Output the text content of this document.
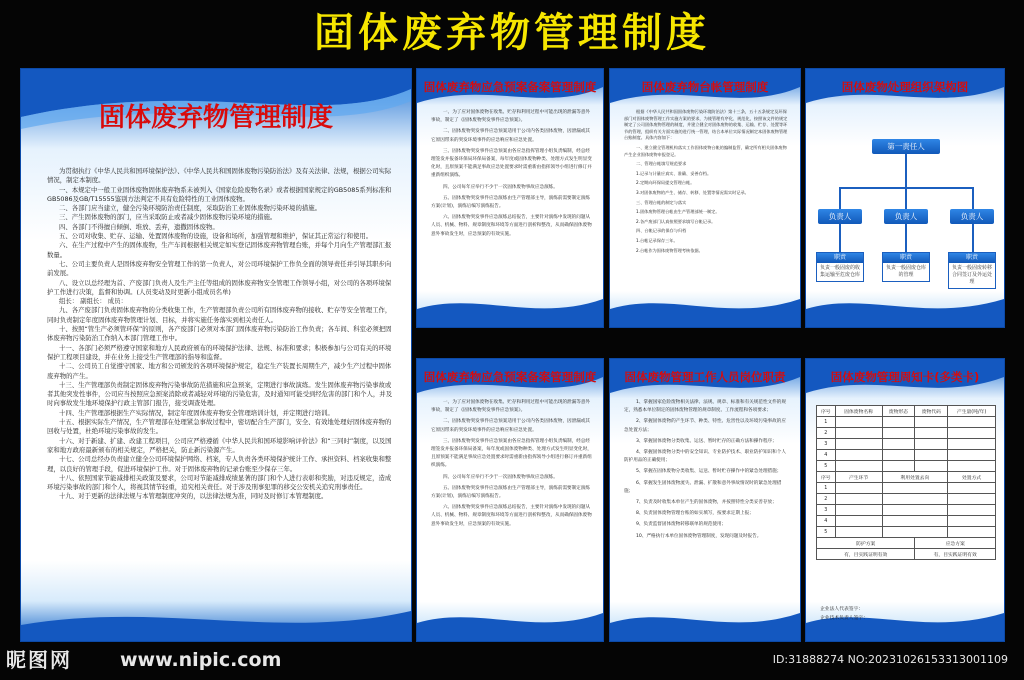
固体废弃物管理制度
固体废弃物管理制度

为贯彻执行《中华人民共和国环境保护法》、《中华人民共和国固体废物污染防治法》及有关法律、法规，根据公司实际情况，制定本制度。

一、本规定中一般工业固体废物固体废弃物系未被列入《国家危险废物名录》或者根据国家规定的GB5085系列标准和GB5086及GB/T15555鉴别方法判定不具有危险特性的工业固体废物。

二、各部门应当建立，健全污染环境防治责任制度，采取防治工业固体废物污染环境的措施。

三、产生固体废物的部门，应当采取防止或者减少固体废物污染环境的措施。

四、各部门不得擅自倾倒、堆放、丢弃，遗撒固体废物。

五、公司对收集、贮存、运输、处置固体废物的设施，设备和场所，加强管理和维护，保证其正常运行和使用。

六、在生产过程中产生的固体废物，生产车间根据相关规定如实登记固体废弃物管理台账，并每个月向生产管理部汇报数量。

七、公司主要负责人是固体废弃物安全管理工作的第一负责人，对公司环境保护工作负全面的领导责任并引导其职步向前发展。

八、设立以总经理为首、产废部门负责人及生产主任等组成的固体废弃物安全管理工作领导小组，对公司的各项环境保护工作进行决策，监督和协调。(人员变动及时更新小组成员名单)

组长： 副组长： 成员：

九、各产废部门负责固体废弃物的分类收集工作，生产管理部负责公司所有固体废弃物的接收、贮存等安全管理工作，同时负责制定年度固体废弃物管理计划、目标，并将实施任务落实到相关责任人。

十、按照“管生产必须管环保”的原则，各产废部门必须对本部门固体废弃物污染防治工作负责；各车间、科室必须把固体废弃物污染防治工作纳入本部门管理工作中。

十一、各部门必须严格遵守国家和地方人民政府颁布的环境保护法律、法规、标准和要求；积极参加与公司有关的环境保护工程项目建设，并在业务上接受生产管理部的指导和监督。

十二、公司员工自觉遵守国家、地方和公司颁发的各项环境保护规定，稳定生产装置长周期生产，减少生产过程中固体废弃物的产生。

十三、生产管理部负责制定固体废弃物污染事故防范措施和应急预案，定期进行事故演练。发生固体废弃物污染事故或者其他突发性事件，公司应当按照应急预案消除或者减轻对环境的污染危害，及时通知可能受到经危害的部门和个人，并及时向事故发生地环境保护行政主管部门报告，接受调查处理。

十四、生产管理部根据生产实际情况，制定年度固体废弃物安全管理培训计划，并定期进行培训。

十五、根据实际生产情况，生产管理部在处理紧急事故过程中，密切配合生产部门，安全、有效地处理好固体废弃物的回收与处置，杜绝环境污染事故的发生。

十六、对于新建、扩建、改建工程项目，公司应严格遵循《中华人民共和国环境影响评价法》和“三同时”制度，以及国家和地方政府最新颁布的相关规定，严格把关，防止新污染源产生。

十七、公司总经办负责建立健全公司环境保护网络、档案，专人负责各类环境保护统计工作、承担资料、档案收集和整理，以良好的管理手段，促进环境保护工作。对于固体废弃物的记录台账至少保存三年。

十八、依照国家节能减排相关政策及要求，公司对节能减排成绩显著的部门和个人进行表彰和奖励，对违反规定，造成环境污染事故的部门和个人，将视其情节轻重，追究相关责任。对于涉及刑事犯罪的移交公安机关追究刑事责任。

十九、对于更新的法律法规与本管理制度冲突的，以法律法规为准，同时及时修订本管理制度。

固体废弃物应急预案备案管理制度

一、为了应对固体废物在收集、贮存和利用过程中可能出现的泄漏等意外事故，制定了《固体废物突发事件应急预案》。

二、固体废物突发事件应急预案适用于公司内各类固体废物，因泄漏或其它原因带来的突发环境事件的应急响应和应急处置。

三、固体废物突发事件应急预案由各应急指挥管理小组负责编制，经总经理签发并报备环保局环保局备案，每年度或固体废物种类、处理方式发生明显变化时，且原预案不能满足事故应急处置要求时需重新由指挥领导小组进行修订并重新组织演练。

四、公司每年应举行不少于一次固体废物事故应急演练。

五、固体废物突发事件应急演练由生产管理部主导，演练前需要制定演练方案(计划)，演练后编写演练报告。

六、固体废物突发事件应急演练总结报告，主要针对演练中发现的问题从人员、机械、物料、规章制度和环境等方面进行剖析和整改，从而确保固体废物意外事故发生时，应急预案的有效实施。

固体废弃物台帐管理制度

根据《中华人民共和国固体废物污染环境防治法》第十三条，五十五条规定及环保部门对固体废物管理工作实施方案的要求，为使管理有序化、规范化，按照该文件的规定制定了公司固体废物管理的制度，并建立健全对固体废物的收集、运输、贮存、处置等环节的管理，组织有关方面实施的进行统一管理，结合本单位实际情况制定本固体废物管理台账制度。具体内容如下：

一、建立健全管理机构落实工作固体废物台帐的编制监管，确定所有相关固体废物产生企业固体废物申报登记。

二、管理台帐填写规范要求

1.记录与计量应真实、准确、妥善存档。

2.定期向环保局提交管理台帐。

3.对固体废物的产生、储存、转移、处置等情况需实时记录。

三、管理台帐的制定与落实

1.固体废物管理台帐由生产管理部统一制定。

2.各产废部门认真按照要求填写台帐记录。

四、台帐记录的保存与归档

1.台帐记录保存三年。

2.台帐作为固体废物管理考核依据。

固体废物处理组织架构图
第一责任人
负责人	负责人	负责人
职责
负责一般固废的收集运输至危废仓库
职责
负责一般固废仓库的管理
职责
负责一般固废转移合同签订及外运处理
固体废弃物应急预案备案管理制度

一、为了应对固体废物在收集、贮存和利用过程中可能出现的泄漏等意外事故，制定了《固体废物突发事件应急预案》。

二、固体废物突发事件应急预案适用于公司内各类固体废物，因泄漏或其它原因带来的突发环境事件的应急响应和应急处置。

三、固体废物突发事件应急预案由各应急指挥管理小组负责编制，经总经理签发并报备环保局备案，每年度或固体废物种类、处理方式发生明显变化时，且原预案不能满足事故应急处置要求时需重新由指挥领导小组进行修订并重新组织演练。

四、公司每年应举行不少于一次固体废物事故应急演练。

五、固体废物突发事件应急演练由生产管理部主导，演练前需要制定演练方案(计划)，演练后编写演练报告。

六、固体废物突发事件应急演练总结报告，主要针对演练中发现的问题从人员、机械、物料、规章制度和环境等方面进行剖析和整改，从而确保固体废物意外事故发生时，应急预案的有效实施。

固体废物管理工作人员岗位职责

1、掌握国家危险废物相关法律、法规、规章、标准和有关规范性文件的规定，熟悉本单位制定的固体废物管理的规章制度、工作流程和各项要求；

2、掌握固体废物的产生环节、种类、特性、危害性以及环境污染事故的应急处置方法；

3、掌握固体废物分类收集、运送、暂时贮存的正确方法和操作程序；

4、掌握固体废物分类中的安全知识、专业防护技术、职业防护知识和个人防护用品的正确使用；

5、掌握在固体废物分类收集、运送、暂时贮存操作中的紧急处理措施；

6、掌握发生固体废物流失、泄漏、扩散和意外事故情况时的紧急处理措施；

7、负责及时收集本单位产生的固体废物，并按照特性分类妥善存放；

8、负责固体废物管理台账的如实填写，按要求定期上报；

9、负责监督固体废物转移联单的规范使用；

10、严格执行本单位固体废物管理制度，发现问题及时报告。

固体废物管理周知卡(多类卡)
序号	固体废物名称	废物形态	废物代码	产生量(吨/年)
1				
2				
3				
4				
5				
序号	产生环节	利用处置去向		处置方式
1				
2				
3				
4				
5				
防护方案			应急方案	
有，目实践证明有效			有，目实践证明有效	
企业法人代表签字：
企业技术负责人签字：
昵图网	www.nipic.com	ID:31888274 NO:20231026153313001109
